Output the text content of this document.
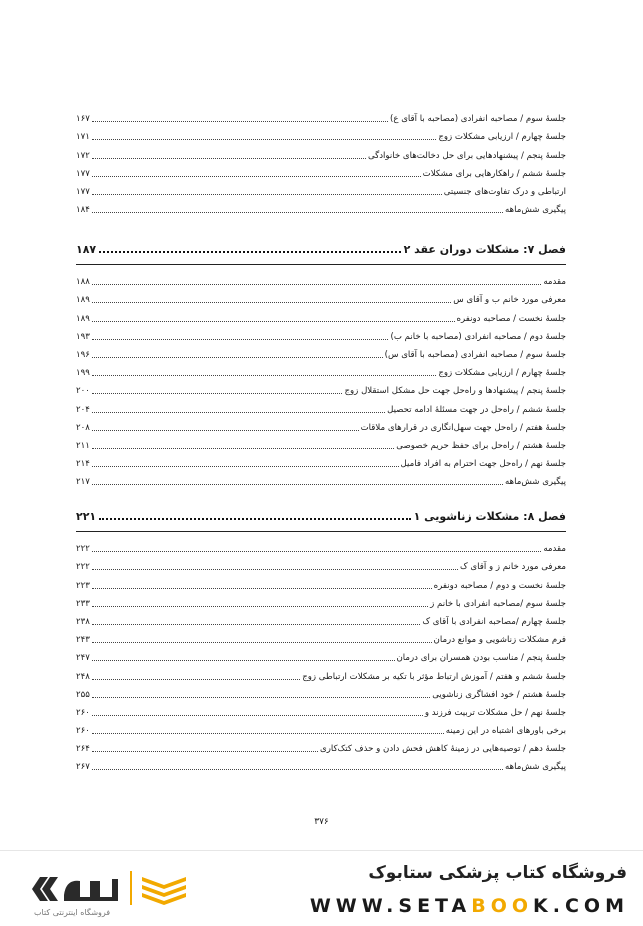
جلسهٔ سوم / مصاحبه انفرادی (مصاحبه با آقای ع)
۱۶۷
جلسهٔ چهارم / ارزیابی مشکلات زوج
۱۷۱
جلسهٔ پنجم / پیشنهادهایی برای حل دخالت‌های خانوادگی
۱۷۲
جلسهٔ ششم / راهکارهایی برای مشکلات
۱۷۷
ارتباطی و درک تفاوت‌های جنسیتی
۱۷۷
پیگیری شش‌ماهه
۱۸۴
فصل ۷: مشکلات دوران عقد ۲
۱۸۷
مقدمه
۱۸۸
معرفی مورد خانم ب و آقای س
۱۸۹
جلسهٔ نخست / مصاحبه دونفره
۱۸۹
جلسهٔ دوم / مصاحبه انفرادی (مصاحبه با خانم ب)
۱۹۳
جلسهٔ سوم / مصاحبه انفرادی (مصاحبه با آقای س)
۱۹۶
جلسهٔ چهارم / ارزیابی مشکلات زوج
۱۹۹
جلسهٔ پنجم / پیشنهادها و راه‌حل جهت حل مشکل استقلال زوج
۲۰۰
جلسهٔ ششم / راه‌حل در جهت مسئلهٔ ادامه تحصیل
۲۰۴
جلسهٔ هفتم / راه‌حل جهت سهل‌انگاری در قرارهای ملاقات
۲۰۸
جلسهٔ هشتم / راه‌حل برای حفظ حریم خصوصی
۲۱۱
جلسهٔ نهم / راه‌حل جهت احترام به افراد فامیل
۲۱۴
پیگیری شش‌ماهه
۲۱۷
فصل ۸: مشکلات زناشویی ۱
۲۲۱
مقدمه
۲۲۲
معرفی مورد خانم ز و آقای ک
۲۲۲
جلسهٔ نخست و دوم / مصاحبه دونفره
۲۲۳
جلسهٔ سوم /مصاحبه انفرادی با خانم ز
۲۳۳
جلسهٔ چهارم /مصاحبه انفرادی با آقای ک
۲۳۸
فرم مشکلات زناشویی و موانع درمان
۲۴۳
جلسهٔ پنجم / مناسب بودن همسران برای درمان
۲۴۷
جلسهٔ ششم و هفتم / آموزش ارتباط مؤثر با تکیه بر مشکلات ارتباطی زوج
۲۴۸
جلسهٔ هشتم / خود افشاگری زناشویی
۲۵۵
جلسهٔ نهم / حل مشکلات تربیت فرزند و
۲۶۰
برخی باورهای اشتباه در این زمینه
۲۶۰
جلسهٔ دهم / توصیه‌هایی در زمینهٔ کاهش فحش دادن و حذف کتک‌کاری
۲۶۴
پیگیری شش‌ماهه
۲۶۷
۳۷۶
فروشگاه اینترنتی کتاب
فروشگاه کتاب پزشکی ستابوک
WWW.SETABOOK.COM
